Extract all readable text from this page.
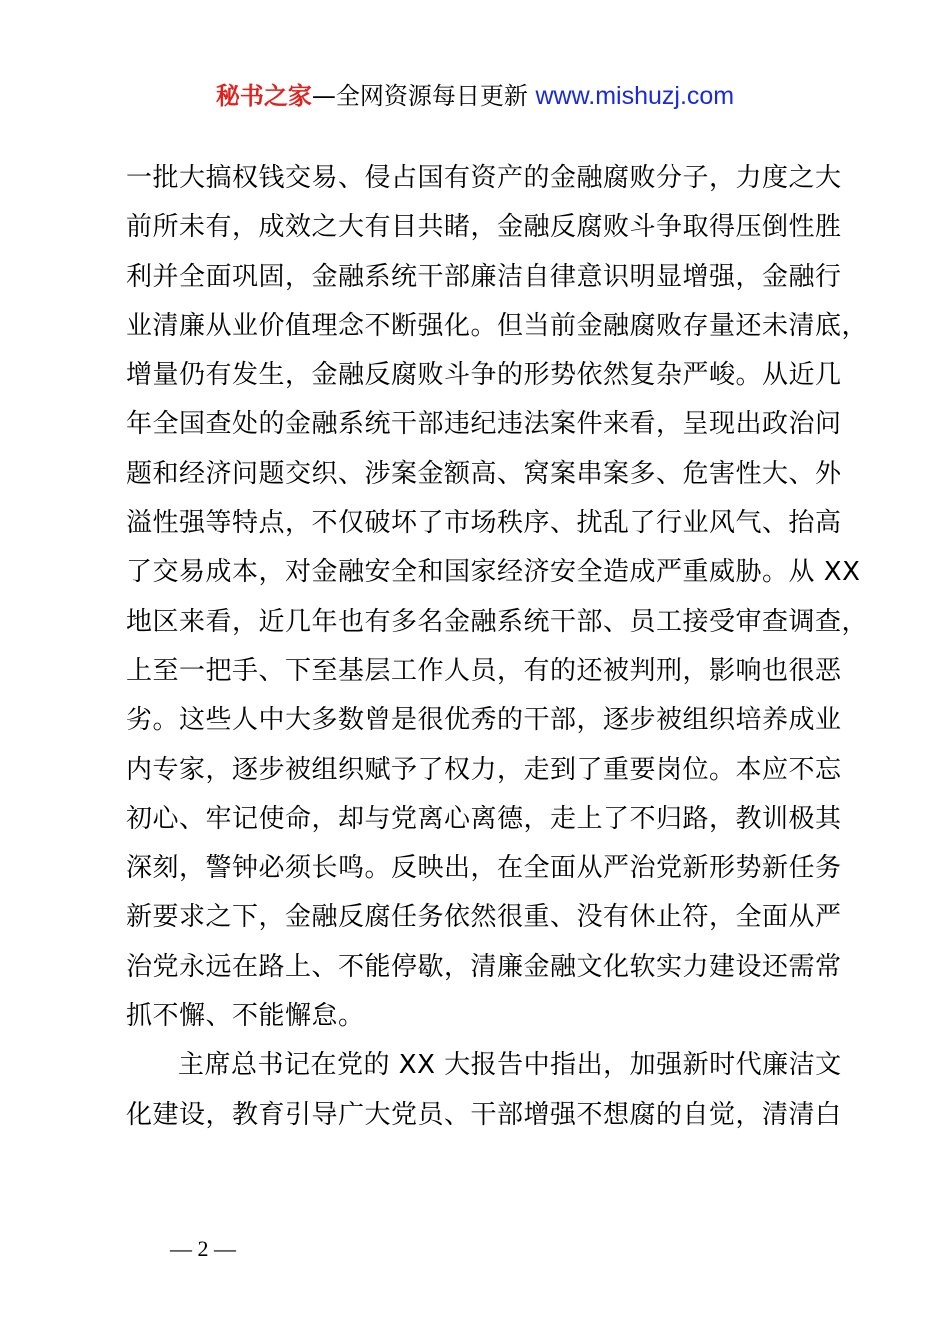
秘书之家—全网资源每日更新 www.mishuzj.com
一批大搞权钱交易、侵占国有资产的金融腐败分子，力度之大
前所未有，成效之大有目共睹，金融反腐败斗争取得压倒性胜
利并全面巩固，金融系统干部廉洁自律意识明显增强，金融行
业清廉从业价值理念不断强化。但当前金融腐败存量还未清底，
增量仍有发生，金融反腐败斗争的形势依然复杂严峻。从近几
年全国查处的金融系统干部违纪违法案件来看，呈现出政治问
题和经济问题交织、涉案金额高、窝案串案多、危害性大、外
溢性强等特点，不仅破坏了市场秩序、扰乱了行业风气、抬高
了交易成本，对金融安全和国家经济安全造成严重威胁。从 XX
地区来看，近几年也有多名金融系统干部、员工接受审查调查，
上至一把手、下至基层工作人员，有的还被判刑，影响也很恶
劣。这些人中大多数曾是很优秀的干部，逐步被组织培养成业
内专家，逐步被组织赋予了权力，走到了重要岗位。本应不忘
初心、牢记使命，却与党离心离德，走上了不归路，教训极其
深刻，警钟必须长鸣。反映出，在全面从严治党新形势新任务
新要求之下，金融反腐任务依然很重、没有休止符，全面从严
治党永远在路上、不能停歇，清廉金融文化软实力建设还需常
抓不懈、不能懈怠。
主席总书记在党的 XX 大报告中指出，加强新时代廉洁文
化建设，教育引导广大党员、干部增强不想腐的自觉，清清白
— 2 —
